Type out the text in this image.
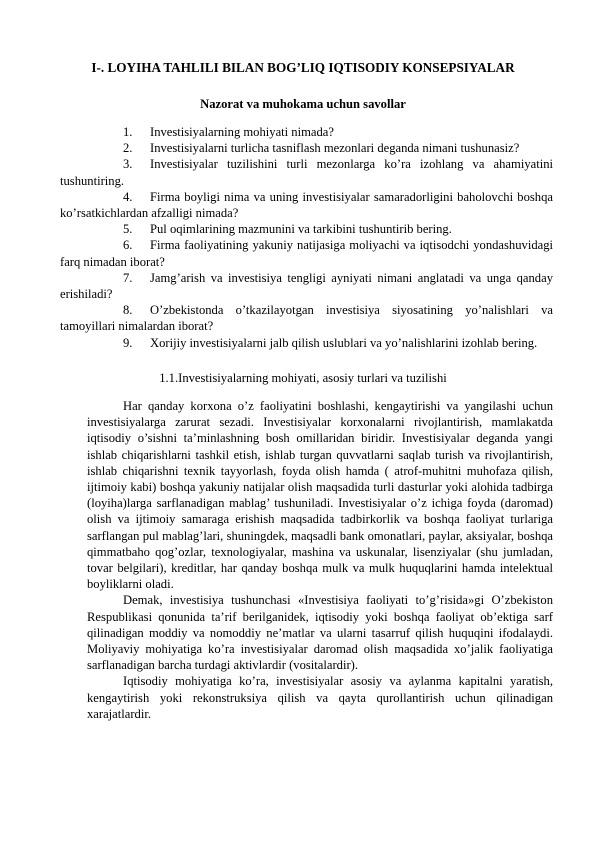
I-. LOYIHA TAHLILI BILAN BOG’LIQ IQTISODIY KONSEPSIYALAR
Nazorat va muhokama uchun savollar

1. Investisiyalarning mohiyati nimada?

2. Investisiyalarni turlicha tasniflash mezonlari deganda nimani tushunasiz?

3. Investisiyalar tuzilishini turli mezonlarga ko’ra izohlang va ahamiyatini tushuntiring.

4. Firma boyligi nima va uning investisiyalar samaradorligini baholovchi boshqa ko’rsatkichlardan afzalligi nimada?

5. Pul oqimlarining mazmunini va tarkibini tushuntirib bering.

6. Firma faoliyatining yakuniy natijasiga moliyachi va iqtisodchi yondashuvidagi farq nimadan iborat?

7. Jamg’arish va investisiya tengligi ayniyati nimani anglatadi va unga qanday erishiladi?

8. O’zbekistonda o’tkazilayotgan investisiya siyosatining yo’nalishlari va tamoyillari nimalardan iborat?

9. Xorijiy investisiyalarni jalb qilish uslublari va yo’nalishlarini izohlab bering.

1.1.Investisiyalarning mohiyati, asosiy turlari va tuzilishi

Har qanday korxona o’z faoliyatini boshlashi, kengaytirishi va yangilashi uchun investisiyalarga zarurat sezadi. Investisiyalar korxonalarni rivojlantirish, mamlakatda iqtisodiy o’sishni ta’minlashning bosh omillaridan biridir. Investisiyalar deganda yangi ishlab chiqarishlarni tashkil etish, ishlab turgan quvvatlarni saqlab turish va rivojlantirish, ishlab chiqarishni texnik tayyorlash, foyda olish hamda ( atrof-muhitni muhofaza qilish, ijtimoiy kabi) boshqa yakuniy natijalar olish maqsadida turli dasturlar yoki alohida tadbirga (loyiha)larga sarflanadigan mablag’ tushuniladi. Investisiyalar o’z ichiga foyda (daromad) olish va ijtimoiy samaraga erishish maqsadida tadbirkorlik va boshqa faoliyat turlariga sarflangan pul mablag’lari, shuningdek, maqsadli bank omonatlari, paylar, aksiyalar, boshqa qimmatbaho qog’ozlar, texnologiyalar, mashina va uskunalar, lisenziyalar (shu jumladan, tovar belgilari), kreditlar, har qanday boshqa mulk va mulk huquqlarini hamda intelektual boyliklarni oladi.

Demak, investisiya tushunchasi «Investisiya faoliyati to’g’risida»gi O’zbekiston Respublikasi qonunida ta’rif berilganidek, iqtisodiy yoki boshqa faoliyat ob’ektiga sarf qilinadigan moddiy va nomoddiy ne’matlar va ularni tasarruf qilish huquqini ifodalaydi. Moliyaviy mohiyatiga ko’ra investisiyalar daromad olish maqsadida xo’jalik faoliyatiga sarflanadigan barcha turdagi aktivlardir (vositalardir).

Iqtisodiy mohiyatiga ko’ra, investisiyalar asosiy va aylanma kapitalni yaratish, kengaytirish yoki rekonstruksiya qilish va qayta qurollantirish uchun qilinadigan xarajatlardir.
